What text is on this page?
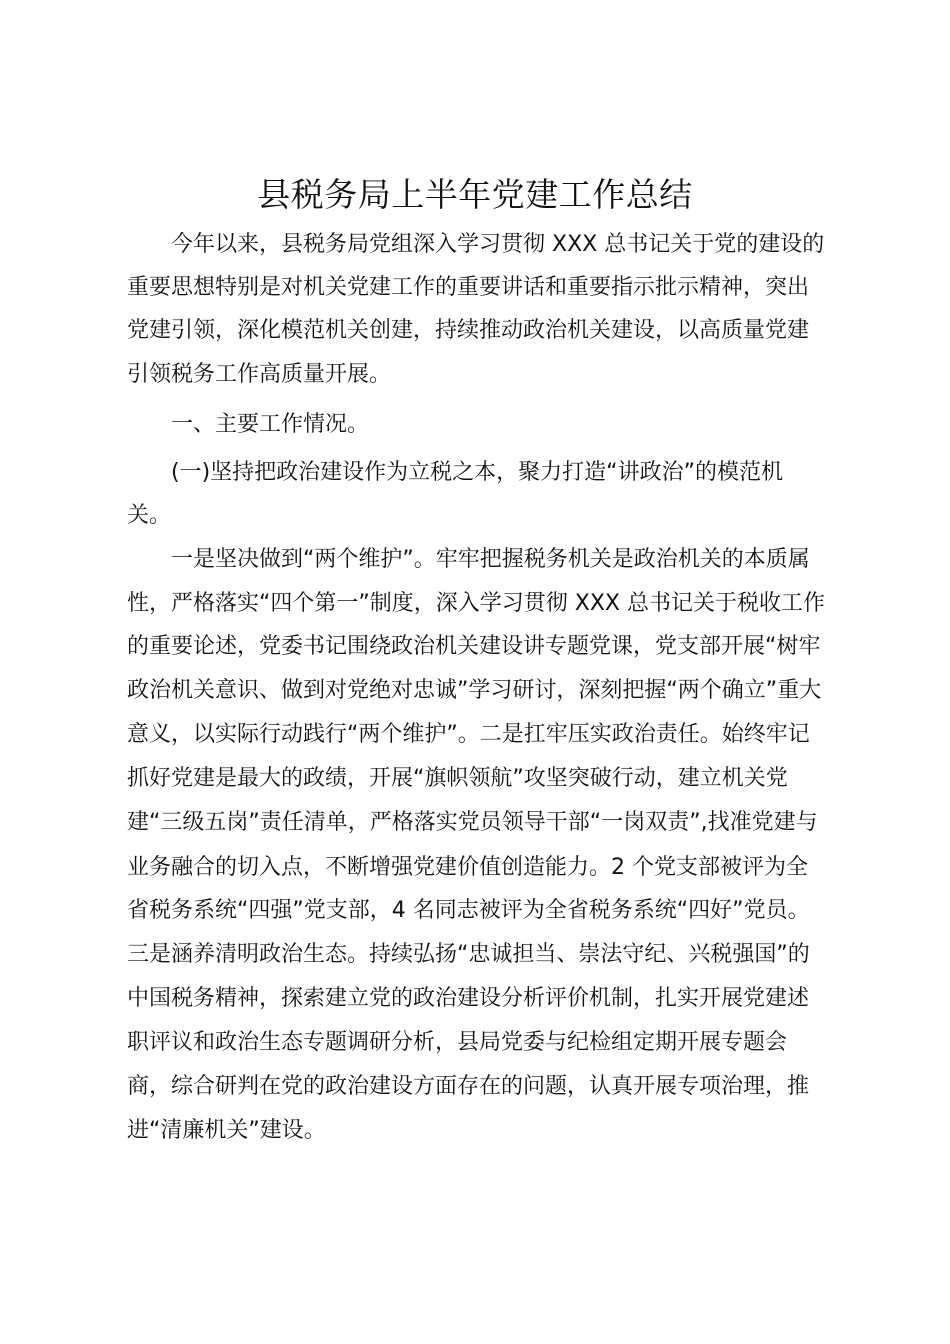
县税务局上半年党建工作总结
今年以来，县税务局党组深入学习贯彻 XXX 总书记关于党的建设的
重要思想特别是对机关党建工作的重要讲话和重要指示批示精神，突出
党建引领，深化模范机关创建，持续推动政治机关建设，以高质量党建
引领税务工作高质量开展。
一、主要工作情况。
(一)坚持把政治建设作为立税之本，聚力打造“讲政治”的模范机
关。
一是坚决做到“两个维护”。牢牢把握税务机关是政治机关的本质属
性，严格落实“四个第一”制度，深入学习贯彻 XXX 总书记关于税收工作
的重要论述，党委书记围绕政治机关建设讲专题党课，党支部开展“树牢
政治机关意识、做到对党绝对忠诚”学习研讨，深刻把握“两个确立”重大
意义，以实际行动践行“两个维护”。二是扛牢压实政治责任。始终牢记
抓好党建是最大的政绩，开展“旗帜领航”攻坚突破行动，建立机关党
建“三级五岗”责任清单，严格落实党员领导干部“一岗双责”,找准党建与
业务融合的切入点，不断增强党建价值创造能力。2 个党支部被评为全
省税务系统“四强”党支部，4 名同志被评为全省税务系统“四好”党员。
三是涵养清明政治生态。持续弘扬“忠诚担当、崇法守纪、兴税强国”的
中国税务精神，探索建立党的政治建设分析评价机制，扎实开展党建述
职评议和政治生态专题调研分析，县局党委与纪检组定期开展专题会
商，综合研判在党的政治建设方面存在的问题，认真开展专项治理，推
进“清廉机关”建设。
